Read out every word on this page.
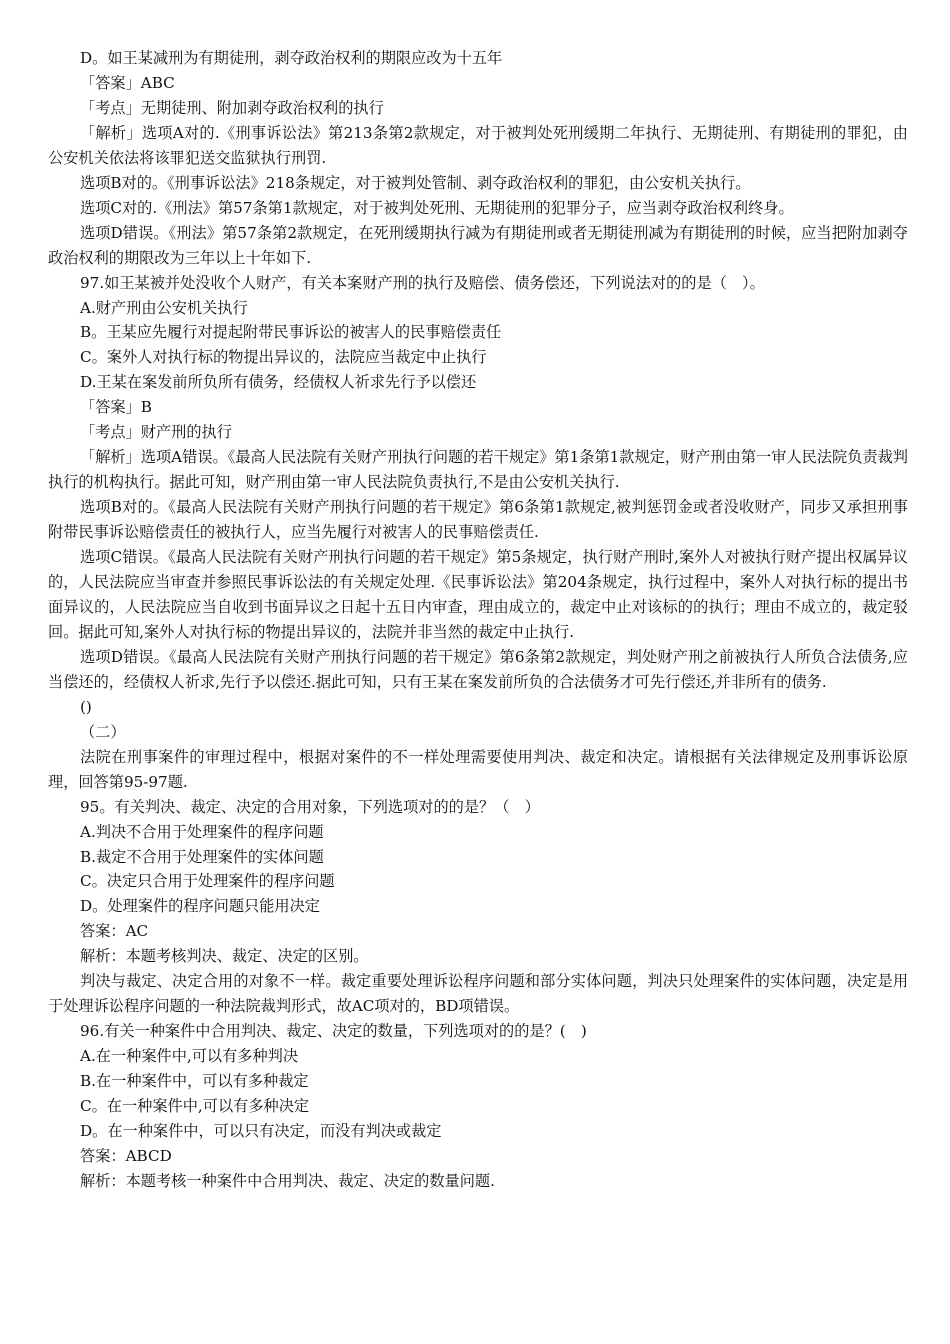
D。如王某减刑为有期徒刑，剥夺政治权利的期限应改为十五年

「答案」ABC

「考点」无期徒刑、附加剥夺政治权利的执行

「解析」选项A对的.《刑事诉讼法》第213条第2款规定，对于被判处死刑缓期二年执行、无期徒刑、有期徒刑的罪犯，由公安机关依法将该罪犯送交监狱执行刑罚.

选项B对的。《刑事诉讼法》218条规定，对于被判处管制、剥夺政治权利的罪犯，由公安机关执行。

选项C对的.《刑法》第57条第1款规定，对于被判处死刑、无期徒刑的犯罪分子，应当剥夺政治权利终身。

选项D错误。《刑法》第57条第2款规定，在死刑缓期执行减为有期徒刑或者无期徒刑减为有期徒刑的时候，应当把附加剥夺政治权利的期限改为三年以上十年如下.

97.如王某被并处没收个人财产，有关本案财产刑的执行及赔偿、债务偿还，下列说法对的的是（　）。

A.财产刑由公安机关执行

B。王某应先履行对提起附带民事诉讼的被害人的民事赔偿责任

C。案外人对执行标的物提出异议的，法院应当裁定中止执行

D.王某在案发前所负所有债务，经债权人祈求先行予以偿还

「答案」B

「考点」财产刑的执行

「解析」选项A错误。《最高人民法院有关财产刑执行问题的若干规定》第1条第1款规定，财产刑由第一审人民法院负责裁判执行的机构执行。据此可知，财产刑由第一审人民法院负责执行,不是由公安机关执行.

选项B对的。《最高人民法院有关财产刑执行问题的若干规定》第6条第1款规定,被判惩罚金或者没收财产，同步又承担刑事附带民事诉讼赔偿责任的被执行人，应当先履行对被害人的民事赔偿责任.

选项C错误。《最高人民法院有关财产刑执行问题的若干规定》第5条规定，执行财产刑时,案外人对被执行财产提出权属异议的，人民法院应当审查并参照民事诉讼法的有关规定处理.《民事诉讼法》第204条规定，执行过程中，案外人对执行标的提出书面异议的，人民法院应当自收到书面异议之日起十五日内审查，理由成立的，裁定中止对该标的的执行；理由不成立的，裁定驳回。据此可知,案外人对执行标的物提出异议的，法院并非当然的裁定中止执行.

选项D错误。《最高人民法院有关财产刑执行问题的若干规定》第6条第2款规定，判处财产刑之前被执行人所负合法债务,应当偿还的，经债权人祈求,先行予以偿还.据此可知，只有王某在案发前所负的合法债务才可先行偿还,并非所有的债务.

()

（二）

法院在刑事案件的审理过程中，根据对案件的不一样处理需要使用判决、裁定和决定。请根据有关法律规定及刑事诉讼原理，回答第95-97题.

95。有关判决、裁定、决定的合用对象，下列选项对的的是？（　）

A.判决不合用于处理案件的程序问题

B.裁定不合用于处理案件的实体问题

C。决定只合用于处理案件的程序问题

D。处理案件的程序问题只能用决定

答案：AC

解析：本题考核判决、裁定、决定的区别。

判决与裁定、决定合用的对象不一样。裁定重要处理诉讼程序问题和部分实体问题，判决只处理案件的实体问题，决定是用于处理诉讼程序问题的一种法院裁判形式，故AC项对的，BD项错误。

96.有关一种案件中合用判决、裁定、决定的数量，下列选项对的的是？(　)

A.在一种案件中,可以有多种判决

B.在一种案件中，可以有多种裁定

C。在一种案件中,可以有多种决定

D。在一种案件中，可以只有决定，而没有判决或裁定

答案：ABCD

解析：本题考核一种案件中合用判决、裁定、决定的数量问题.
